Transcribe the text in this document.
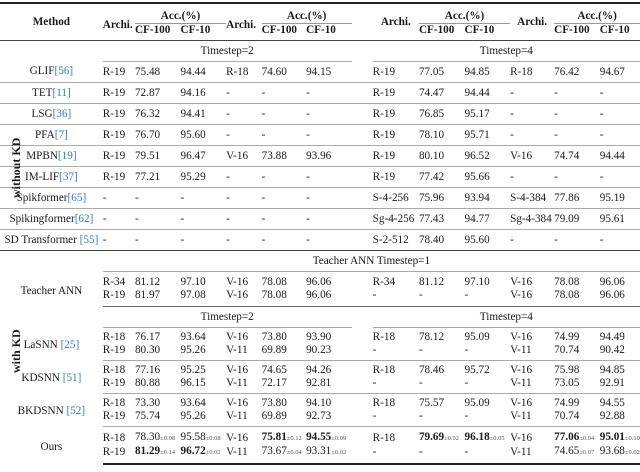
Method	Archi.	Acc.(%)		Archi.	Acc.(%)			Archi.	Acc.(%)		Archi.	Acc.(%)		
		CF-100	CF-10		CF-100	CF-10			CF-100	CF-10		CF-100	CF-10	
	Timestep=2							Timestep=4						
GLIF[56]	R-19	75.48	94.44	R-18	74.60	94.15		R-19	77.05	94.85	R-18	76.42	94.67	
TET[11]	R-19	72.87	94.16	-	-	-		R-19	74.47	94.44	-	-	-	
LSG[36]	R-19	76.32	94.41	-	-	-		R-19	76.85	95.17	-	-	-	
PFA[7]	R-19	76.70	95.60	-	-	-		R-19	78.10	95.71	-	-	-	
MPBN[19]	R-19	79.51	96.47	V-16	73.88	93.96		R-19	80.10	96.52	V-16	74.74	94.44	
IM-LIF[37]	R-19	77.21	95.29	-	-	-		R-19	77.42	95.66	-	-	-	
Spikformer[65]	-	-	-	-	-	-		S-4-256	75.96	93.94	S-4-384	77.86	95.19	
Spikingformer[62]	-	-	-	-	-	-		Sg-4-256	77.43	94.77	Sg-4-384	79.09	95.61	
SD Transformer [55]	-	-	-	-	-	-		S-2-512	78.40	95.60	-	-	-	
	Teacher ANN Timestep=1													
Teacher ANN	R-34	81.12	97.10	V-16	78.08	96.06		R-34	81.12	97.10	V-16	78.08	96.06	
	R-19	81.97	97.08	V-16	78.08	96.06		-	-	-	V-16	78.08	96.06	
	Timestep=2							Timestep=4						
LaSNN [25]	R-18	76.17	93.64	V-16	73.80	93.90		R-18	78.12	95.09	V-16	74.99	94.49	
	R-19	80.30	95.26	V-11	69.89	90.23		-	-	-	V-11	70.74	90.42	
KDSNN [51]	R-18	77.16	95.25	V-16	74.65	94.26		R-18	78.46	95.72	V-16	75.98	94.85	
	R-19	80.88	96.15	V-11	72.17	92.81		-	-	-	V-11	73.05	92.91	
BKDSNN [52]	R-18	73.30	93.64	V-16	73.80	94.10		R-18	75.57	95.09	V-16	74.99	94.55	
	R-19	75.74	95.26	V-11	69.89	92.73		-	-	-	V-11	70.74	92.88	
Ours	R-18	78.30±0.08	95.58±0.08	V-16	75.81±0.12	94.55±0.09		R-18	79.69±0.02	96.18±0.05	V-16	77.06±0.04	95.01±0.10	
	R-19	81.29±0.14	96.72±0.02	V-11	73.67±0.04	93.31±0.02		-	-	-	V-11	74.65±0.07	93.68±0.02	
without KD
with KD
